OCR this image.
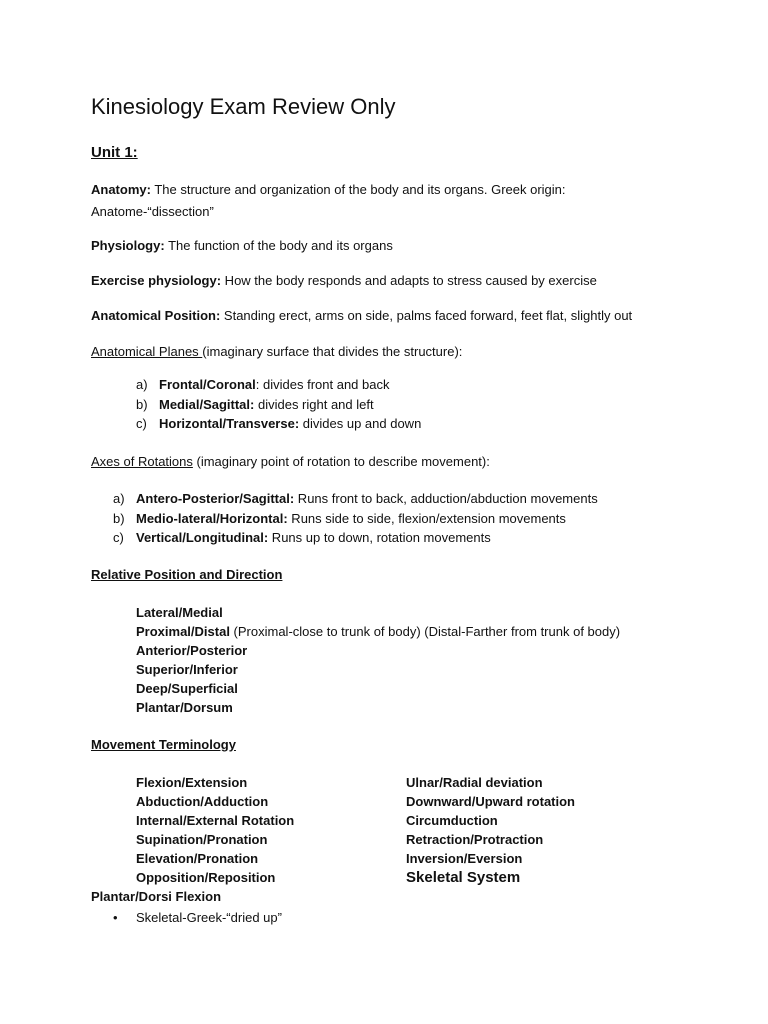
Kinesiology Exam Review Only
Unit 1:
Anatomy: The structure and organization of the body and its organs. Greek origin: Anatome-“dissection”
Physiology: The function of the body and its organs
Exercise physiology: How the body responds and adapts to stress caused by exercise
Anatomical Position: Standing erect, arms on side, palms faced forward, feet flat, slightly out
Anatomical Planes (imaginary surface that divides the structure):
a) Frontal/Coronal: divides front and back
b) Medial/Sagittal: divides right and left
c) Horizontal/Transverse: divides up and down
Axes of Rotations (imaginary point of rotation to describe movement):
a) Antero-Posterior/Sagittal: Runs front to back, adduction/abduction movements
b) Medio-lateral/Horizontal: Runs side to side, flexion/extension movements
c) Vertical/Longitudinal: Runs up to down, rotation movements
Relative Position and Direction
Lateral/Medial
Proximal/Distal (Proximal-close to trunk of body) (Distal-Farther from trunk of body)
Anterior/Posterior
Superior/Inferior
Deep/Superficial
Plantar/Dorsum
Movement Terminology
Flexion/Extension
Abduction/Adduction
Internal/External Rotation
Supination/Pronation
Elevation/Pronation
Opposition/Reposition
Ulnar/Radial deviation
Downward/Upward rotation
Circumduction
Retraction/Protraction
Inversion/Eversion
Skeletal System
Plantar/Dorsi Flexion
• Skeletal-Greek-“dried up”
